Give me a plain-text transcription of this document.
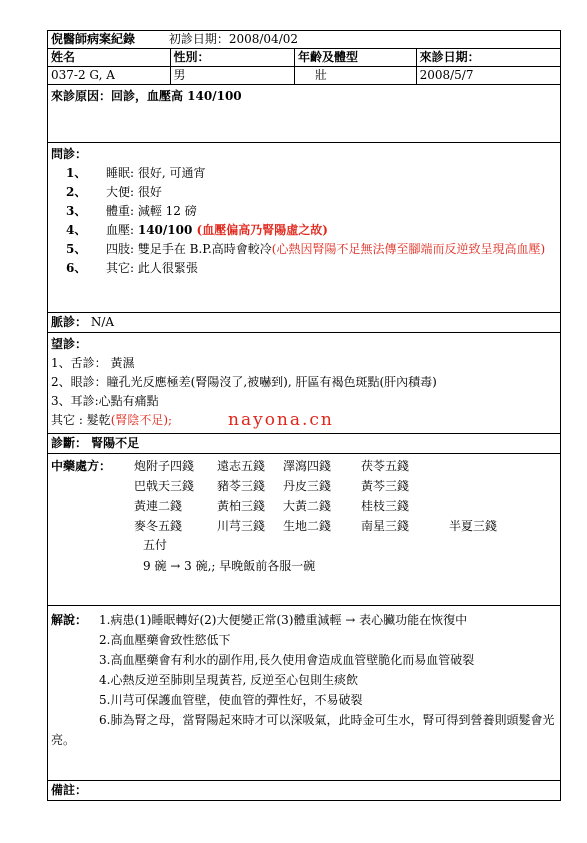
倪醫師病案紀錄	初診日期：2008/04/02
姓名	性別：	年齡及體型	來診日期：
037-2 G, A	男	壯	2008/5/7
來診原因：回診，血壓高 140/100
問診：
1、	睡眠: 很好, 可通宵
2、	大便: 很好
3、	體重: 減輕 12 磅
4、	血壓: 140/100 (血壓偏高乃腎陽虛之故)
5、	四肢: 雙足手在 B.P.高時會較冷(心熱因腎陽不足無法傳至腳端而反逆致呈現高血壓)
6、	其它: 此人很緊張
脈診： N/A
望診：
1、舌診： 黃濕
2、眼診：瞳孔光反應極差(腎陽沒了,被嚇到), 肝區有褐色斑點(肝內積毒)
3、耳診:心點有痛點
其它 : 髮乾(腎陰不足);
診斷： 腎陽不足
中藥處方：	炮附子四錢	遠志五錢	澤瀉四錢	茯苓五錢
巴戟天三錢	豬苓三錢	丹皮三錢	黃芩三錢
黃連二錢	黃柏三錢	大黃二錢	桂枝三錢
麥冬五錢	川芎三錢	生地二錢	南星三錢	半夏三錢
五付
9 碗 → 3 碗,; 早晚飯前各服一碗
解說： 1.病患(1)睡眠轉好(2)大便變正常(3)體重減輕 → 表心臟功能在恢復中
2.高血壓藥會致性慾低下
3.高血壓藥會有利水的副作用,長久使用會造成血管壁脆化而易血管破裂
4.心熱反逆至肺則呈現黃苔, 反逆至心包則生痰飲
5.川芎可保護血管壁，使血管的彈性好，不易破裂
6.肺為腎之母，當腎陽起來時才可以深吸氣，此時金可生水，腎可得到營養則頭髮會光亮。
備註：
nayona.cn
